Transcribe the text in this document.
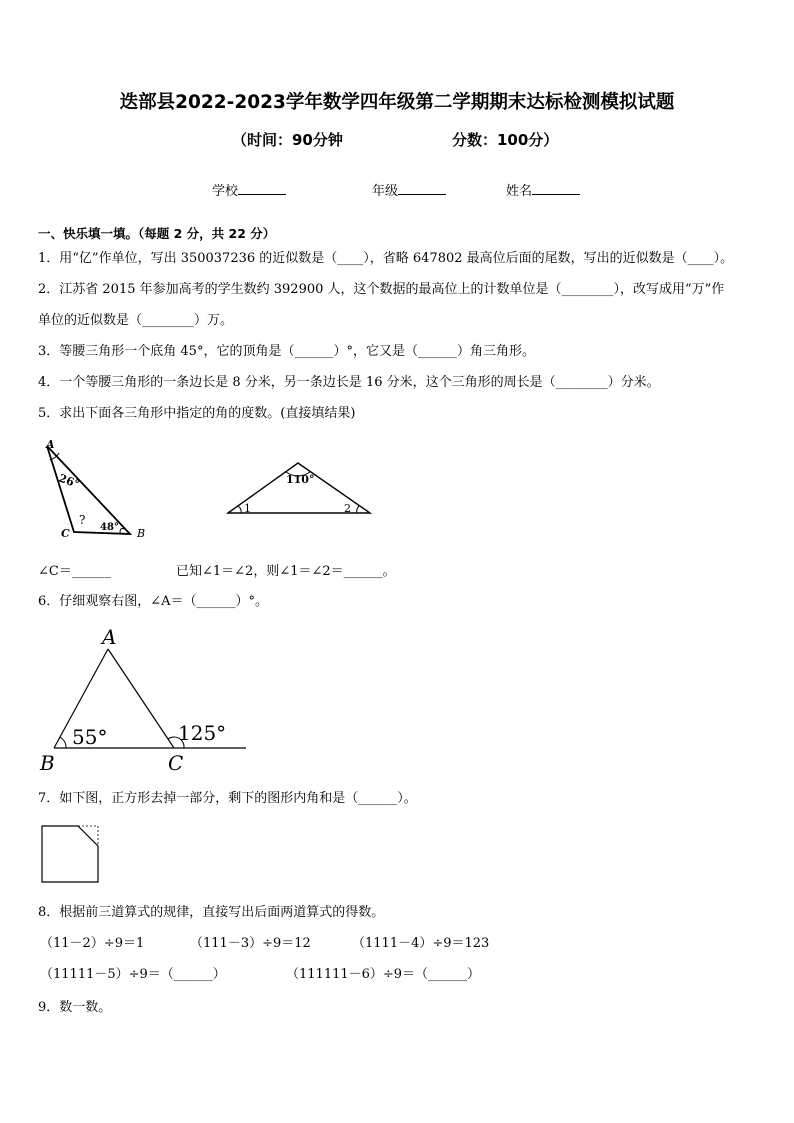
迭部县2022-2023学年数学四年级第二学期期末达标检测模拟试题
（时间：90分钟	分数：100分）
学校	年级	姓名
一、快乐填一填。（每题 2 分，共 22 分）
1．用“亿”作单位，写出 350037236 的近似数是（____），省略 647802 最高位后面的尾数，写出的近似数是（____）。
2．江苏省 2015 年参加高考的学生数约 392900 人，这个数据的最高位上的计数单位是（________），改写成用“万”作
单位的近似数是（________）万。
3．等腰三角形一个底角 45°，它的顶角是（______）°，它又是（______）角三角形。
4．一个等腰三角形的一条边长是 8 分米，另一条边长是 16 分米，这个三角形的周长是（________）分米。
5．求出下面各三角形中指定的角的度数。(直接填结果)
A
B
C
26°
48°
?
110°
1	2
∠C＝______	已知∠1＝∠2，则∠1＝∠2＝______。
6．仔细观察右图，∠A＝（______）°。
A
B	C
55°	125°
7．如下图，正方形去掉一部分，剩下的图形内角和是（______）。
8．根据前三道算式的规律，直接写出后面两道算式的得数。
（11－2）÷9＝1	（111－3）÷9＝12	（1111－4）÷9＝123
（11111－5）÷9＝（______）	（111111－6）÷9＝（______）
9．数一数。
